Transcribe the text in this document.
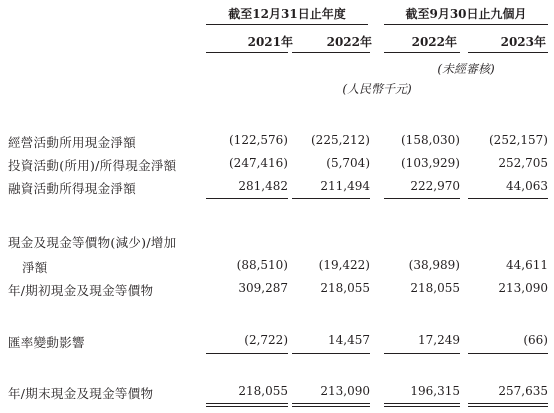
截至12月31日止年度	截至9月30日止九個月
2021年	2022年	2022年	2023年
(未經審核)
(人民幣千元)
經營活動所用現金淨額	(122,576)	(225,212)	(158,030)	(252,157)
投資活動(所用)/所得現金淨額	(247,416)	(5,704)	(103,929)	252,705
融資活動所得現金淨額	281,482	211,494	222,970	44,063
現金及現金等價物(減少)/增加
淨額	(88,510)	(19,422)	(38,989)	44,611
年/期初現金及現金等價物	309,287	218,055	218,055	213,090
匯率變動影響	(2,722)	14,457	17,249	(66)
年/期末現金及現金等價物	218,055	213,090	196,315	257,635
